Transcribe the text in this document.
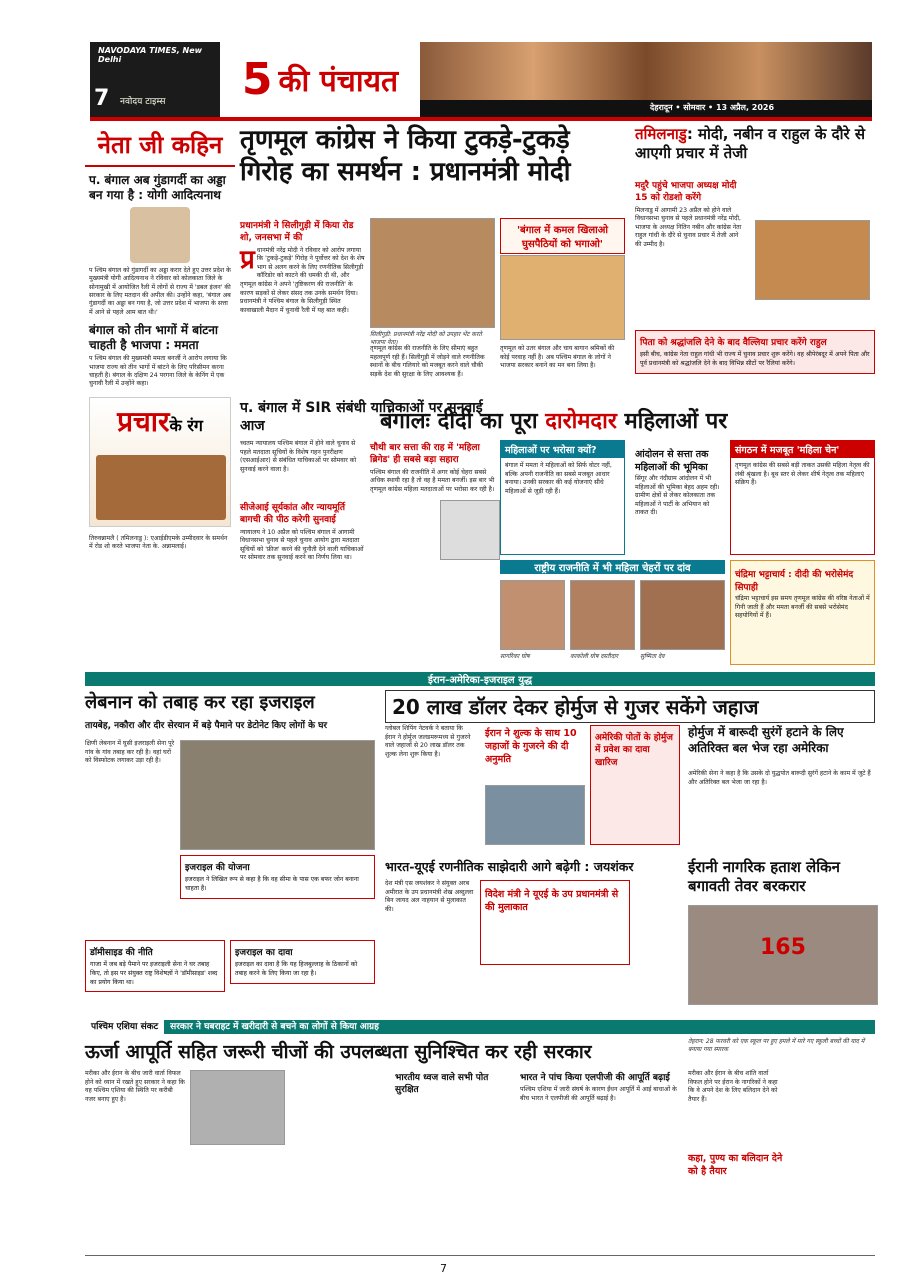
NAVODAYA TIMES, New Delhi
7 नवोदय टाइम्स 5 की पंचायत
देहरादून • सोमवार • 13 अप्रैल, 2026
नेता जी कहिन
प. बंगाल अब गुंडागर्दी का अड्डा बन गया है : योगी आदित्यनाथ
प श्चिम बंगाल को गुंडागर्दी का अड्डा करार देते हुए उत्तर प्रदेश के मुख्यमंत्री योगी आदित्यनाथ ने रविवार को कोलकाता जिले के सोनामुखी में आयोजित रैली में लोगों से राज्य में 'डबल इंजन' की सरकार के लिए मतदान की अपील की। उन्होंने कहा, 'बंगाल अब गुंडागर्दी का अड्डा बन गया है, जो उत्तर प्रदेश में भाजपा के सत्ता में आने से पहले आम बात थी।'
बंगाल को तीन भागों में बांटना चाहती है भाजपा : ममता
प श्चिम बंगाल की मुख्यमंत्री ममता बनर्जी ने आरोप लगाया कि भाजपा राज्य को तीन भागों में बांटने के लिए परिसीमन करना चाहती है। बंगाल के दक्षिण 24 परगना जिले के केनिंग में एक चुनावी रैली में उन्होंने कहा।
प्रचारके रंग
तिरुवन्नामलै ( तमिलनाडु ): एआईडीएमके उम्मीदवार के समर्थन में रोड शो करते भाजपा नेता के. अन्नामलाई।
तृणमूल कांग्रेस ने किया टुकड़े-टुकड़े गिरोह का समर्थन : प्रधानमंत्री मोदी
प्रधानमंत्री ने सिलीगुड़ी में किया रोड शो, जनसभा में की
प्र धानमंत्री नरेंद्र मोदी ने रविवार को आरोप लगाया कि 'टुकड़े-टुकड़े' गिरोह ने पूर्वोत्तर को देश के शेष भाग से अलग करने के लिए रणनीतिक सिलीगुड़ी कॉरिडोर को काटने की धमकी दी थी, और तृणमूल कांग्रेस ने अपने 'तुष्टिकरण की राजनीति' के कारण सड़कों से लेकर संसद तक उनके समर्थन दिया। प्रधानमंत्री ने पश्चिम बंगाल के सिलीगुड़ी स्थित कावाखाली मैदान में चुनावी रैली में यह बात कही।
सिलीगुड़ी: प्रधानमंत्री नरेंद्र मोदी को उपहार भेंट करते भाजपा नेता।
तृणमूल कांग्रेस की राजनीति के लिए सीमाएं बहुत महत्वपूर्ण रही हैं। सिलीगुड़ी में जोड़ने वाले रणनीतिक स्थानों के बीच गलियारे को मजबूत करने वाले चौकी सड़कें देश की सुरक्षा के लिए आवश्यक हैं।
'बंगाल में कमल खिलाओ घुसपैठियों को भगाओ'
तृणमूल को उतर बंगाल और चाय बागान श्रमिकों की कोई परवाह नहीं है। अब पश्चिम बंगाल के लोगों ने भाजपा सरकार बनाने का मन बना लिया है।
प. बंगाल में SIR संबंधी याचिकाओं पर सुनवाई आज
च्चतम न्यायालय पश्चिम बंगाल में होने वाले चुनाव से पहले मतदाता सूचियों के विशेष गहन पुनरीक्षण (एसआईआर) से संबंधित याचिकाओं पर सोमवार को सुनवाई करने वाला है।
सीजेआई सूर्यकांत और न्यायमूर्ति बागची की पीठ करेगी सुनवाई
न्यायालय ने 10 अप्रैल को पश्चिम बंगाल में आगामी विधानसभा चुनाव से पहले चुनाव आयोग द्वारा मतदाता सूचियों को 'फ्रीज' करने की चुनौती देने वाली याचिकाओं पर सोमवार तक सुनवाई करने का निर्णय लिया था।
तमिलनाडु: मोदी, नबीन व राहुल के दौरे से आएगी प्रचार में तेजी
मदुरै पहुंचे भाजपा अध्यक्ष मोदी 15 को रोडशो करेंगे
मिलनाडु में आगामी 23 अप्रैल को होने वाले विधानसभा चुनाव से पहले प्रधानमंत्री नरेंद्र मोदी, भाजपा के अध्यक्ष नितिन नबीन और कांग्रेस नेता राहुल गांधी के दौरे से चुनाव प्रचार में तेजी आने की उम्मीद है।
पिता को श्रद्धांजलि देने के बाद वैल्लिया प्रचार करेंगे राहुल
इसी बीच, कांग्रेस नेता राहुल गांधी भी राज्य में चुनाव प्रचार शुरू करेंगे। वह श्रीपेरंबदूर में अपने पिता और पूर्व प्रधानमंत्री को श्रद्धांजलि देने के बाद विभिन्न सीटों पर रैलियां करेंगे।
बंगालः दीदी का पूरा दारोमदार महिलाओं पर
चौथी बार सत्ता की राह में 'महिला ब्रिगेड' ही सबसे बड़ा सहारा
पश्चिम बंगाल की राजनीति में अगर कोई चेहरा सबसे अधिक स्थायी रहा है तो वह है ममता बनर्जी। इस बार भी तृणमूल कांग्रेस महिला मतदाताओं पर भरोसा कर रही है।
महिलाओं पर भरोसा क्यों?
बंगाल में ममता ने महिलाओं को सिर्फ वोटर नहीं, बल्कि अपनी राजनीति का सबसे मजबूत आधार बनाया। उनकी सरकार की कई योजनाएं सीधे महिलाओं से जुड़ी रही हैं।
आंदोलन से सत्ता तक महिलाओं की भूमिका
सिंगूर और नंदीग्राम आंदोलन में भी महिलाओं की भूमिका बेहद अहम रही। ग्रामीण क्षेत्रों से लेकर कोलकाता तक महिलाओं ने पार्टी के अभियान को ताकत दी।
संगठन में मजबूत 'महिला चेन'
तृणमूल कांग्रेस की सबसे बड़ी ताकत उसकी महिला नेतृत्व की लंबी श्रृंखला है। बूथ स्तर से लेकर शीर्ष नेतृत्व तक महिलाएं सक्रिय हैं।
राष्ट्रीय राजनीति में भी महिला चेहरों पर दांव
सागरिका घोष	काकोली घोष दस्तीदार	सुष्मिता देव
चंद्रिमा भट्टाचार्य : दीदी की भरोसेमंद सिपाही
चंद्रिमा भट्टाचार्य इस समय तृणमूल कांग्रेस की वरिष्ठ नेताओं में गिनी जाती हैं और ममता बनर्जी की सबसे भरोसेमंद सहयोगियों में हैं।
ईरान-अमेरिका-इजराइल युद्ध
लेबनान को तबाह कर रहा इजराइल
तायबेह, नकौरा और दीर सेरयान में बड़े पैमाने पर डेटोनेट किए लोगों के घर
क्षिणी लेबनान में घुसी इजराइली सेना पूरे गांव के गांव तबाह कर रही है। वहां घरों को विस्फोटक लगाकर उड़ा रही है।
इजराइल की योजना
इजराइल ने लिखित रूप से कहा है कि वह सीमा के पास एक बफर जोन बनाना चाहता है।
डॉमीसाइड की नीति
गाजा में जब बड़े पैमाने पर इजराइली सेना ने घर तबाह किए, तो इस पर संयुक्त राष्ट्र विशेषज्ञों ने 'डॉमीसाइड' शब्द का प्रयोग किया था।
इजराइल का दावा
इजराइल का दावा है कि यह हिजबुल्लाह के ठिकानों को तबाह करने के लिए किया जा रहा है।
20 लाख डॉलर देकर होर्मुज से गुजर सकेंगे जहाज
ग्लोबल शिपिंग नेटवर्क ने बताया कि ईरान ने होर्मुज जलडमरूमध्य से गुजरने वाले जहाजों से 20 लाख डॉलर तक शुल्क लेना शुरू किया है।
ईरान ने शुल्क के साथ 10 जहाजों के गुजरने की दी अनुमति
अमेरिकी पोतों के होर्मुज में प्रवेश का दावा खारिज
होर्मुज में बारूदी सुरंगें हटाने के लिए अतिरिक्त बल भेज रहा अमेरिका
अमेरिकी सेना ने कहा है कि उसके दो युद्धपोत बारूदी सुरंगें हटाने के काम में जुटे हैं और अतिरिक्त बल भेजा जा रहा है।
भारत-यूएई रणनीतिक साझेदारी आगे बढ़ेगी : जयशंकर
देश मंत्री एस जयशंकर ने संयुक्त अरब अमीरात के उप प्रधानमंत्री शेख अब्दुल्ला बिन जायद अल नाहयान से मुलाकात की।
विदेश मंत्री ने यूएई के उप प्रधानमंत्री से की मुलाकात
ईरानी नागरिक हताश लेकिन बगावती तेवर बरकरार
165
तेहरान: 28 फरवरी को एक स्कूल पर हुए हमले में मारे गए स्कूली बच्चों की याद में बनाया गया स्मारक
पश्चिम एशिया संकट	सरकार ने घबराहट में खरीदारी से बचने का लोगों से किया आग्रह
ऊर्जा आपूर्ति सहित जरूरी चीजों की उपलब्धता सुनिश्चित कर रही सरकार
मरीका और ईरान के बीच जारी वार्ता विफल होने को ध्यान में रखते हुए सरकार ने कहा कि वह पश्चिम एशिया की स्थिति पर करीबी नजर बनाए हुए है।
भारतीय ध्वज वाले सभी पोत सुरक्षित
भारत ने पांच किया एलपीजी की आपूर्ति बढ़ाई
पश्चिम एशिया में जारी संघर्ष के कारण ईंधन आपूर्ति में आई बाधाओं के बीच भारत ने एलपीजी की आपूर्ति बढ़ाई है।
मरीका और ईरान के बीच शांति वार्ता विफल होने पर ईरान के नागरिकों ने कहा कि वे अपने देश के लिए बलिदान देने को तैयार हैं।
कहा, पुण्य का बलिदान देने को है तैयार
7
